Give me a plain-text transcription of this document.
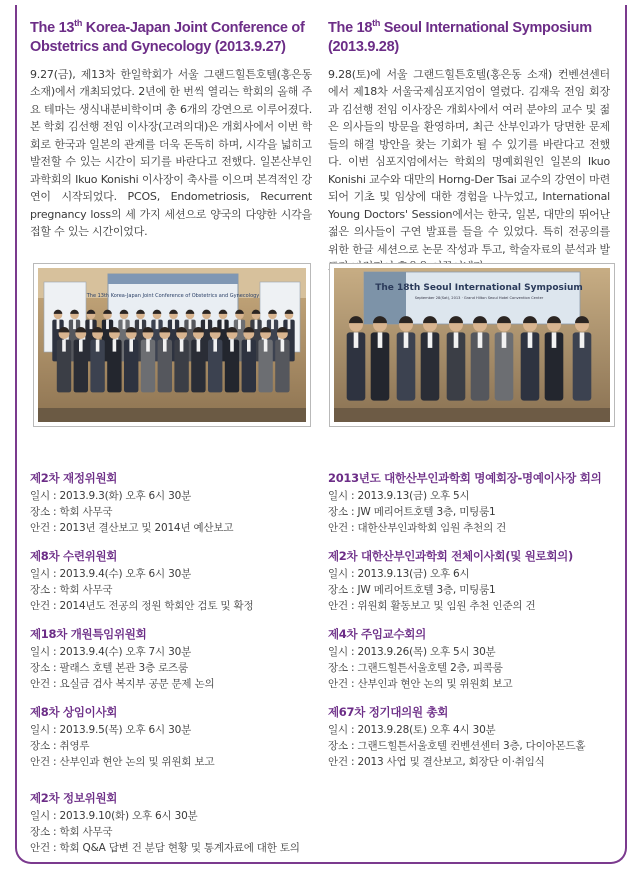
The 13th Korea-Japan Joint Conference of Obstetrics and Gynecology (2013.9.27)

9.27(금), 제13차 한일학회가 서울 그랜드힐튼호텔(홍은동 소재)에서 개최되었다. 2년에 한 번씩 열리는 학회의 올해 주요 테마는 생식내분비학이며 총 6개의 강연으로 이루어졌다. 본 학회 김선행 전임 이사장(고려의대)은 개회사에서 이번 학회로 한국과 일본의 관계를 더욱 돈독히 하며, 시각을 넓히고 발전할 수 있는 시간이 되기를 바란다고 전했다. 일본산부인과학회의 Ikuo Konishi 이사장이 축사를 이으며 본격적인 강연이 시작되었다. PCOS, Endometriosis, Recurrent pregnancy loss의 세 가지 세션으로 양국의 다양한 시각을 접할 수 있는 시간이었다.

The 18th Seoul International Symposium (2013.9.28)

9.28(토)에 서울 그랜드힐튼호텔(홍은동 소재) 컨벤션센터에서 제18차 서울국제심포지엄이 열렸다. 김재욱 전임 회장과 김선행 전임 이사장은 개회사에서 여러 분야의 교수 및 젊은 의사들의 방문을 환영하며, 최근 산부인과가 당면한 문제들의 해결 방안을 찾는 기회가 될 수 있기를 바란다고 전했다. 이번 심포지엄에서는 학회의 명예회원인 일본의 Ikuo Konishi 교수와 대만의 Horng-Der Tsai 교수의 강연이 마련되어 기초 및 임상에 대한 경험을 나누었고, International Young Doctors' Session에서는 한국, 일본, 대만의 뛰어난 젊은 의사들이 구연 발표를 들을 수 있었다. 특히 전공의를 위한 한글 세션으로 논문 작성과 투고, 학술자료의 분석과 발

The 13th Korea-Japan Joint Conference of Obstetrics and Gynecology
The 18th Seoul International Symposium
September 28(Sat), 2013 · Grand Hilton Seoul Hotel Convention Center
제2차 재정위원회
일시 : 2013.9.3(화) 오후 6시 30분
장소 : 학회 사무국
안건 : 2013년 결산보고 및 2014년 예산보고
제8차 수련위원회
일시 : 2013.9.4(수) 오후 6시 30분
장소 : 학회 사무국
안건 : 2014년도 전공의 정원 학회안 검토 및 확정
제18차 개원특임위원회
일시 : 2013.9.4(수) 오후 7시 30분
장소 : 팔래스 호텔 본관 3층 로즈룸
안건 : 요실금 검사 복지부 공문 문제 논의
제8차 상임이사회
일시 : 2013.9.5(목) 오후 6시 30분
장소 : 취영루
안건 : 산부인과 현안 논의 및 위원회 보고
제2차 정보위원회
일시 : 2013.9.10(화) 오후 6시 30분
장소 : 학회 사무국
안건 : 학회 Q&A 답변 건 분담 현황 및 통계자료에 대한 토의
2013년도 대한산부인과학회 명예회장-명예이사장 회의
일시 : 2013.9.13(금) 오후 5시
장소 : JW 메리어트호텔 3층, 미팅룸1
안건 : 대한산부인과학회 임원 추천의 건
제2차 대한산부인과학회 전체이사회(및 원로회의)
일시 : 2013.9.13(금) 오후 6시
장소 : JW 메리어트호텔 3층, 미팅룸1
안건 : 위원회 활동보고 및 임원 추천 인준의 건
제4차 주임교수회의
일시 : 2013.9.26(목) 오후 5시 30분
장소 : 그랜드힐튼서울호텔 2층, 피콕룸
안건 : 산부인과 현안 논의 및 위원회 보고
제67차 정기대의원 총회
일시 : 2013.9.28(토) 오후 4시 30분
장소 : 그랜드힐튼서울호텔 컨벤션센터 3층, 다이아몬드홀
안건 : 2013 사업 및 결산보고, 회장단 이·취임식
